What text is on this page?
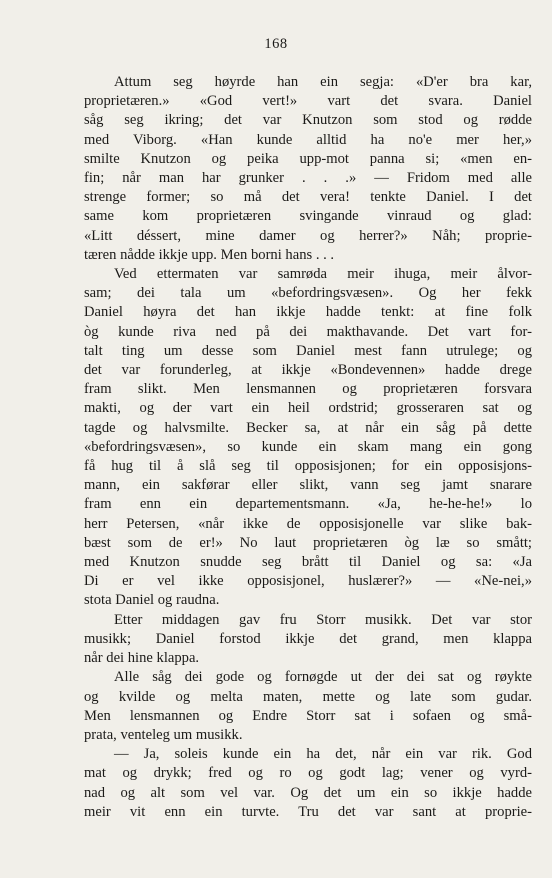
168
Attum seg høyrde han ein segja: «D'er bra kar,
proprietæren.» «God vert!» vart det svara. Daniel
såg seg ikring; det var Knutzon som stod og rødde
med Viborg. «Han kunde alltid ha no'e mer her,»
smilte Knutzon og peika upp-mot panna si; «men en-
fin; når man har grunker . . .» — Fridom med alle
strenge former; so må det vera! tenkte Daniel. I det
same kom proprietæren svingande vinraud og glad:
«Litt déssert, mine damer og herrer?» Nåh; proprie-
tæren nådde ikkje upp. Men borni hans . . .
Ved ettermaten var samrøda meir ihuga, meir ålvor-
sam; dei tala um «befordringsvæsen». Og her fekk
Daniel høyra det han ikkje hadde tenkt: at fine folk
òg kunde riva ned på dei makthavande. Det vart for-
talt ting um desse som Daniel mest fann utrulege; og
det var forunderleg, at ikkje «Bondevennen» hadde drege
fram slikt. Men lensmannen og proprietæren forsvara
makti, og der vart ein heil ordstrid; grosseraren sat og
tagde og halvsmilte. Becker sa, at når ein såg på dette
«befordringsvæsen», so kunde ein skam mang ein gong
få hug til å slå seg til opposisjonen; for ein opposisjons-
mann, ein sakførar eller slikt, vann seg jamt snarare
fram enn ein departementsmann. «Ja, he-he-he!» lo
herr Petersen, «når ikke de opposisjonelle var slike bak-
bæst som de er!» No laut proprietæren òg læ so smått;
med Knutzon snudde seg brått til Daniel og sa: «Ja
Di er vel ikke opposisjonel, huslærer?» — «Ne-nei,»
stota Daniel og raudna.
Etter middagen gav fru Storr musikk. Det var stor
musikk; Daniel forstod ikkje det grand, men klappa
når dei hine klappa.
Alle såg dei gode og fornøgde ut der dei sat og røykte
og kvilde og melta maten, mette og late som gudar.
Men lensmannen og Endre Storr sat i sofaen og små-
prata, venteleg um musikk.
— Ja, soleis kunde ein ha det, når ein var rik. God
mat og drykk; fred og ro og godt lag; vener og vyrd-
nad og alt som vel var. Og det um ein so ikkje hadde
meir vit enn ein turvte. Tru det var sant at proprie-
